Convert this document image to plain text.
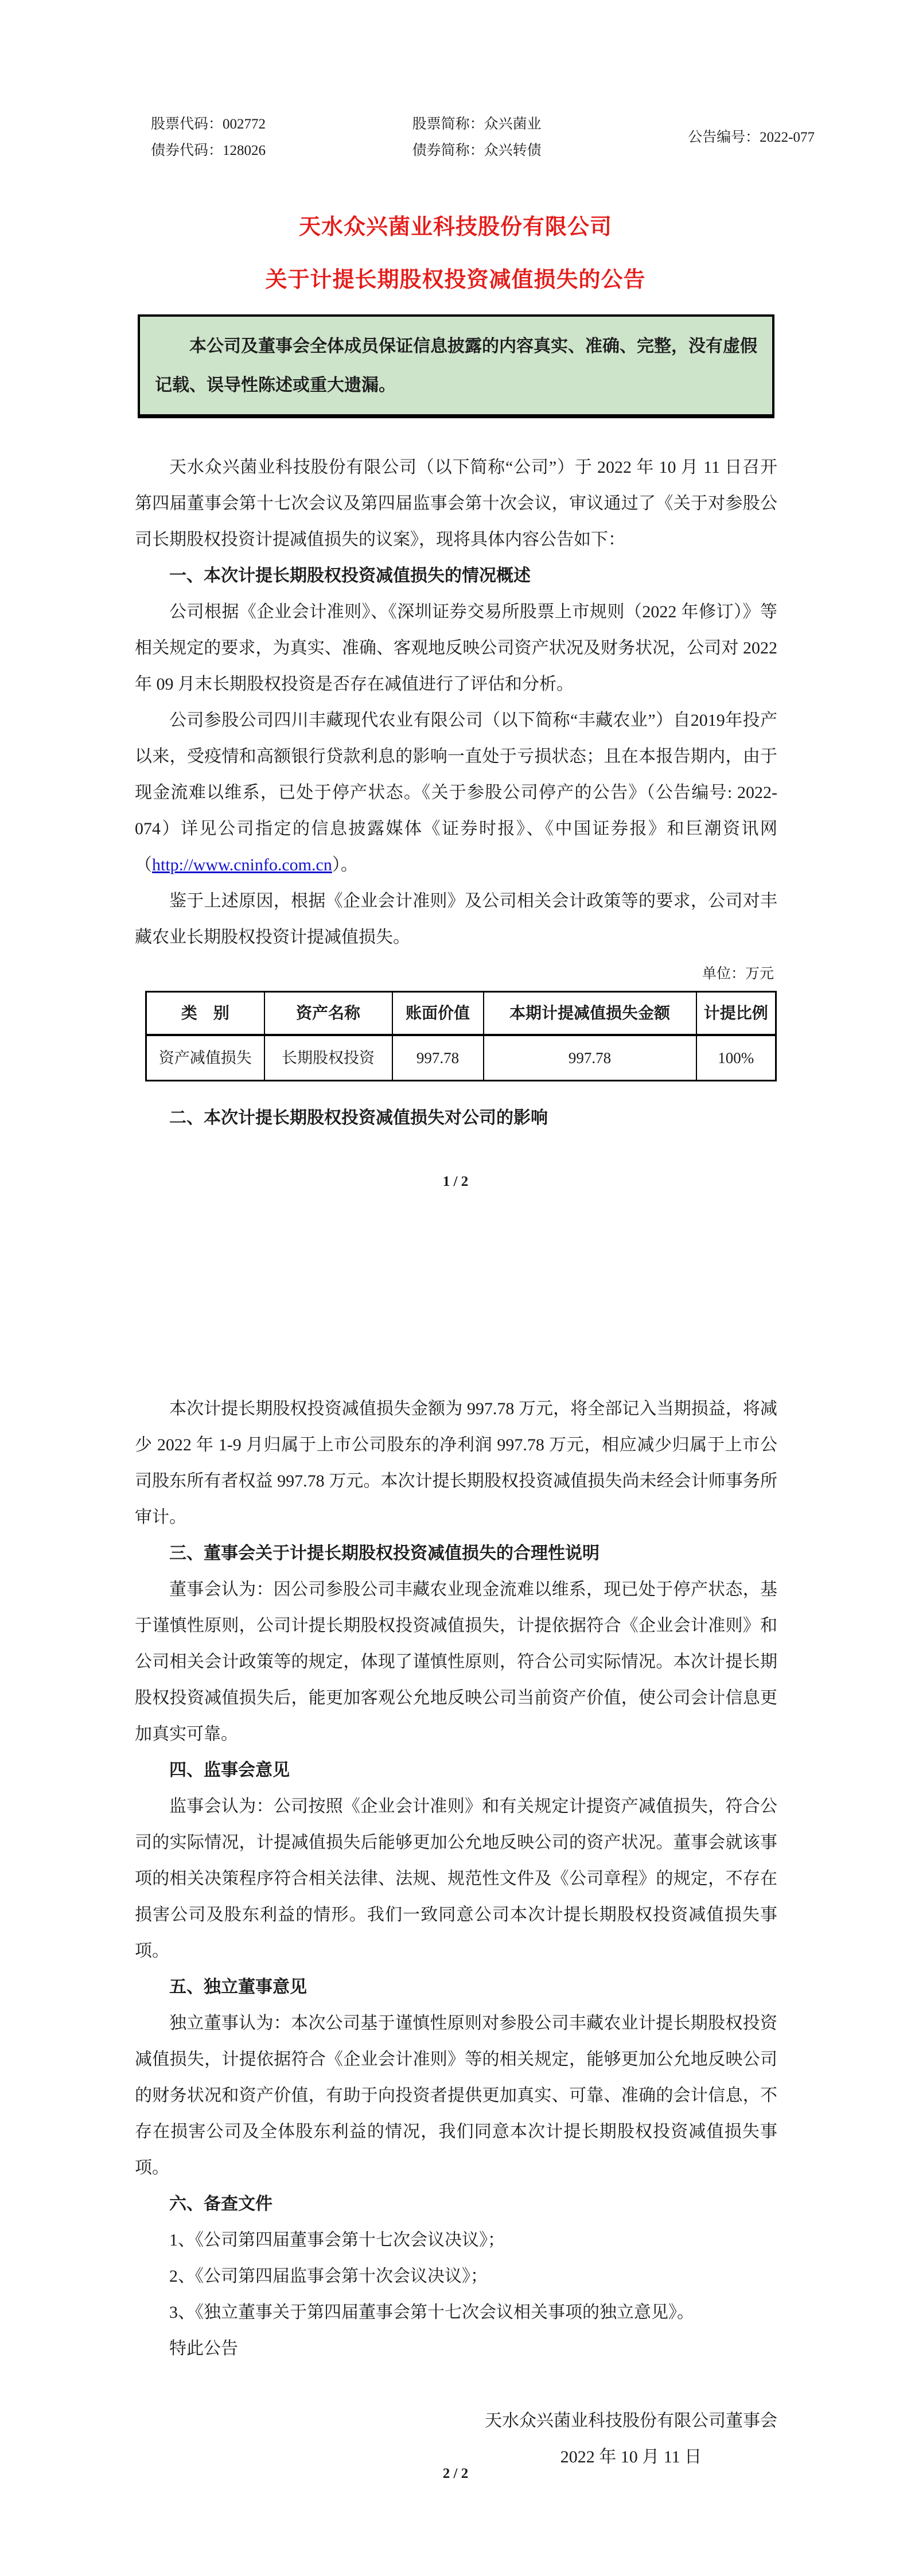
股票代码：002772
债券代码：128026
股票简称：众兴菌业
债券简称：众兴转债
公告编号：2022-077
天水众兴菌业科技股份有限公司
关于计提长期股权投资减值损失的公告
本公司及董事会全体成员保证信息披露的内容真实、准确、完整，没有虚假记载、误导性陈述或重大遗漏。

天水众兴菌业科技股份有限公司（以下简称“公司”）于 2022 年 10 月 11 日召开第四届董事会第十七次会议及第四届监事会第十次会议，审议通过了《关于对参股公司长期股权投资计提减值损失的议案》，现将具体内容公告如下：

一、本次计提长期股权投资减值损失的情况概述

公司根据《企业会计准则》、《深圳证券交易所股票上市规则（2022 年修订）》等相关规定的要求，为真实、准确、客观地反映公司资产状况及财务状况，公司对 2022 年 09 月末长期股权投资是否存在减值进行了评估和分析。

公司参股公司四川丰藏现代农业有限公司（以下简称“丰藏农业”）自2019年投产以来，受疫情和高额银行贷款利息的影响一直处于亏损状态；且在本报告期内，由于现金流难以维系，已处于停产状态。《关于参股公司停产的公告》（公告编号: 2022-074）详见公司指定的信息披露媒体《证券时报》、《中国证券报》和巨潮资讯网（http://www.cninfo.com.cn）。

鉴于上述原因，根据《企业会计准则》及公司相关会计政策等的要求，公司对丰藏农业长期股权投资计提减值损失。

单位：万元
类　别	资产名称	账面价值	本期计提减值损失金额	计提比例
资产减值损失	长期股权投资	997.78	997.78	100%

二、本次计提长期股权投资减值损失对公司的影响

1 / 2

本次计提长期股权投资减值损失金额为 997.78 万元，将全部记入当期损益，将减少 2022 年 1-9 月归属于上市公司股东的净利润 997.78 万元，相应减少归属于上市公司股东所有者权益 997.78 万元。本次计提长期股权投资减值损失尚未经会计师事务所审计。

三、董事会关于计提长期股权投资减值损失的合理性说明

董事会认为：因公司参股公司丰藏农业现金流难以维系，现已处于停产状态，基于谨慎性原则，公司计提长期股权投资减值损失，计提依据符合《企业会计准则》和公司相关会计政策等的规定，体现了谨慎性原则，符合公司实际情况。本次计提长期股权投资减值损失后，能更加客观公允地反映公司当前资产价值，使公司会计信息更加真实可靠。

四、监事会意见

监事会认为：公司按照《企业会计准则》和有关规定计提资产减值损失，符合公司的实际情况，计提减值损失后能够更加公允地反映公司的资产状况。董事会就该事项的相关决策程序符合相关法律、法规、规范性文件及《公司章程》的规定，不存在损害公司及股东利益的情形。我们一致同意公司本次计提长期股权投资减值损失事项。

五、独立董事意见

独立董事认为：本次公司基于谨慎性原则对参股公司丰藏农业计提长期股权投资减值损失，计提依据符合《企业会计准则》等的相关规定，能够更加公允地反映公司的财务状况和资产价值，有助于向投资者提供更加真实、可靠、准确的会计信息，不存在损害公司及全体股东利益的情况，我们同意本次计提长期股权投资减值损失事项。

六、备查文件

1、《公司第四届董事会第十七次会议决议》；

2、《公司第四届监事会第十次会议决议》；

3、《独立董事关于第四届董事会第十七次会议相关事项的独立意见》。

特此公告

天水众兴菌业科技股份有限公司董事会
2022 年 10 月 11 日
2 / 2
